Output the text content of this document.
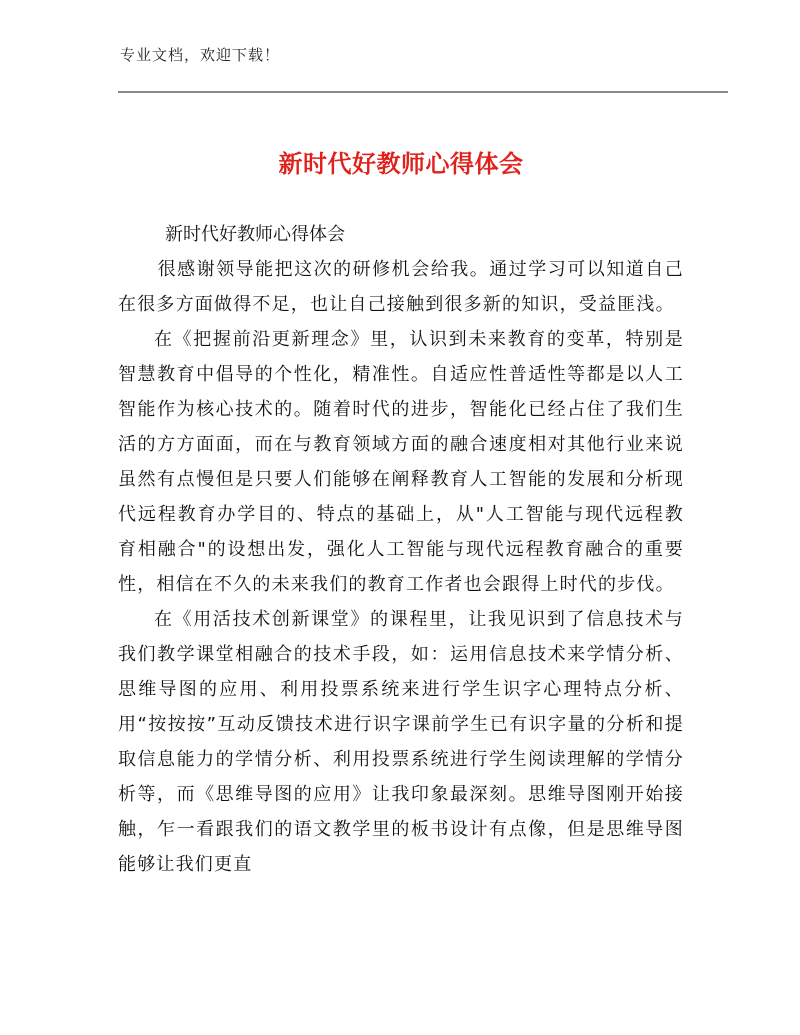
专业文档，欢迎下载！
新时代好教师心得体会

新时代好教师心得体会

很感谢领导能把这次的研修机会给我。通过学习可以知道自己在很多方面做得不足，也让自己接触到很多新的知识，受益匪浅。

在《把握前沿更新理念》里，认识到未来教育的变革，特别是智慧教育中倡导的个性化，精准性。自适应性普适性等都是以人工智能作为核心技术的。随着时代的进步，智能化已经占住了我们生活的方方面面，而在与教育领域方面的融合速度相对其他行业来说虽然有点慢但是只要人们能够在阐释教育人工智能的发展和分析现代远程教育办学目的、特点的基础上，从"人工智能与现代远程教育相融合"的设想出发，强化人工智能与现代远程教育融合的重要性，相信在不久的未来我们的教育工作者也会跟得上时代的步伐。

在《用活技术创新课堂》的课程里，让我见识到了信息技术与我们教学课堂相融合的技术手段，如：运用信息技术来学情分析、思维导图的应用、利用投票系统来进行学生识字心理特点分析、用“按按按”互动反馈技术进行识字课前学生已有识字量的分析和提取信息能力的学情分析、利用投票系统进行学生阅读理解的学情分析等，而《思维导图的应用》让我印象最深刻。思维导图刚开始接触，乍一看跟我们的语文教学里的板书设计有点像，但是思维导图能够让我们更直
